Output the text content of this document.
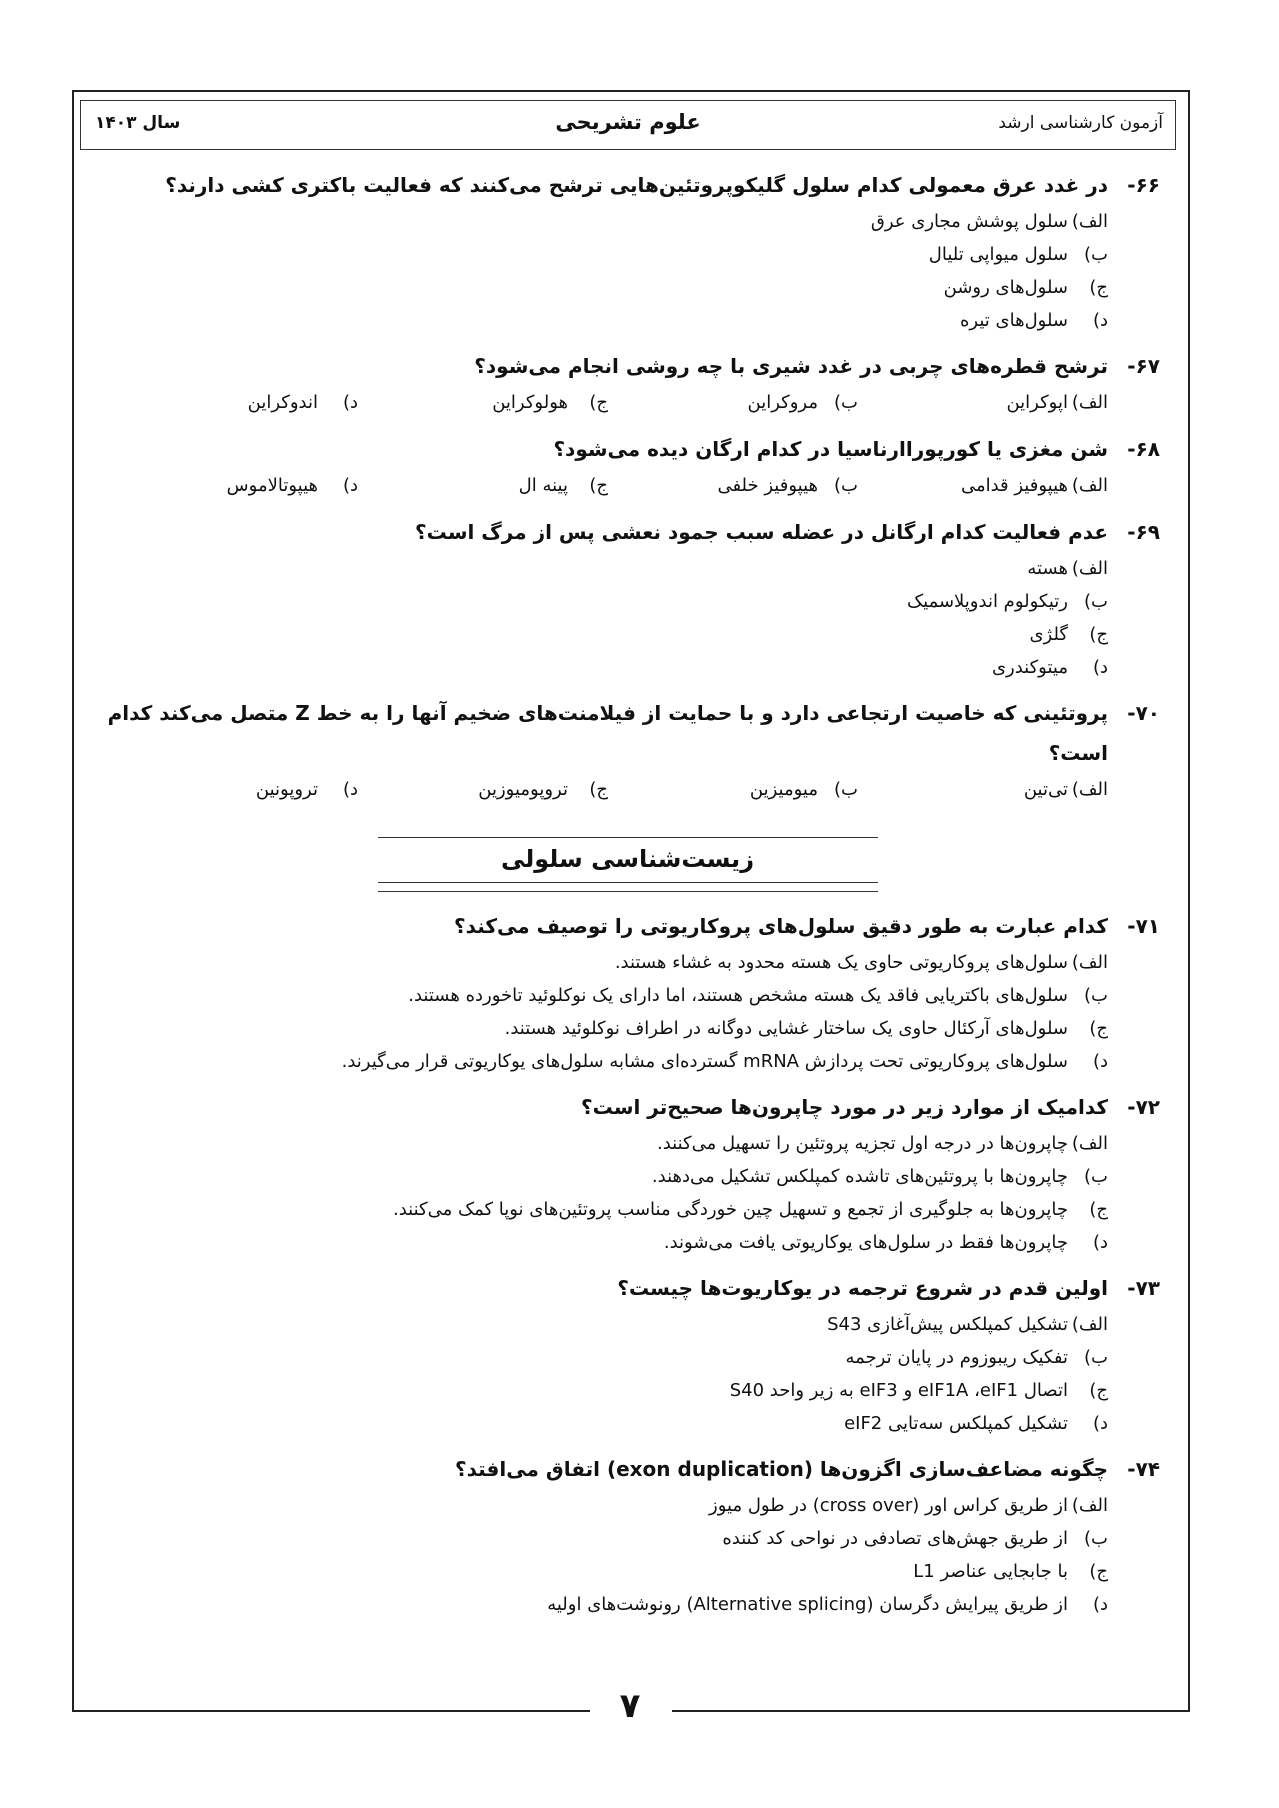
آزمون کارشناسی ارشد
علوم تشریحی
سال ۱۴۰۳
۶۶-
در غدد عرق معمولی کدام سلول گلیکوپروتئین‌هایی ترشح می‌کنند که فعالیت باکتری کشی دارند؟
الف)
سلول پوشش مجاری عرق
ب)
سلول میواپی تلیال
ج)
سلول‌های روشن
د)
سلول‌های تیره
۶۷-
ترشح قطره‌های چربی در غدد شیری با چه روشی انجام می‌شود؟
الف)
اپوکراین
ب)
مروکراین
ج)
هولوکراین
د)
اندوکراین
۶۸-
شن مغزی یا کورپوراارناسیا در کدام ارگان دیده می‌شود؟
الف)
هیپوفیز قدامی
ب)
هیپوفیز خلفی
ج)
پینه ال
د)
هیپوتالاموس
۶۹-
عدم فعالیت کدام ارگانل در عضله سبب جمود نعشی پس از مرگ است؟
الف)
هسته
ب)
رتیکولوم اندوپلاسمیک
ج)
گلژی
د)
میتوکندری
۷۰-
پروتئینی که خاصیت ارتجاعی دارد و با حمایت از فیلامنت‌های ضخیم آنها را به خط Z متصل می‌کند کدام است؟
الف)
تی‌تین
ب)
میومیزین
ج)
تروپومیوزین
د)
تروپونین
زیست‌شناسی سلولی
۷۱-
کدام عبارت به طور دقیق سلول‌های پروکاریوتی را توصیف می‌کند؟
الف)
سلول‌های پروکاریوتی حاوی یک هسته محدود به غشاء هستند.
ب)
سلول‌های باکتریایی فاقد یک هسته مشخص هستند، اما دارای یک نوکلوئید تاخورده هستند.
ج)
سلول‌های آرکئال حاوی یک ساختار غشایی دوگانه در اطراف نوکلوئید هستند.
د)
سلول‌های پروکاریوتی تحت پردازش mRNA گسترده‌ای مشابه سلول‌های یوکاریوتی قرار می‌گیرند.
۷۲-
کدامیک از موارد زیر در مورد چاپرون‌ها صحیح‌تر است؟
الف)
چاپرون‌ها در درجه اول تجزیه پروتئین را تسهیل می‌کنند.
ب)
چاپرون‌ها با پروتئین‌های تاشده کمپلکس تشکیل می‌دهند.
ج)
چاپرون‌ها به جلوگیری از تجمع و تسهیل چین خوردگی مناسب پروتئین‌های نوپا کمک می‌کنند.
د)
چاپرون‌ها فقط در سلول‌های یوکاریوتی یافت می‌شوند.
۷۳-
اولین قدم در شروع ترجمه در یوکاریوت‌ها چیست؟
الف)
تشکیل کمپلکس پیش‌آغازی S43
ب)
تفکیک ریبوزوم در پایان ترجمه
ج)
اتصال eIF1A ،eIF1 و eIF3 به زیر واحد S40
د)
تشکیل کمپلکس سه‌تایی eIF2
۷۴-
چگونه مضاعف‌سازی اگزون‌ها (exon duplication) اتفاق می‌افتد؟
الف)
از طریق کراس اور (cross over) در طول میوز
ب)
از طریق جهش‌های تصادفی در نواحی کد کننده
ج)
با جابجایی عناصر L1
د)
از طریق پیرایش دگرسان (Alternative splicing) رونوشت‌های اولیه
۷
